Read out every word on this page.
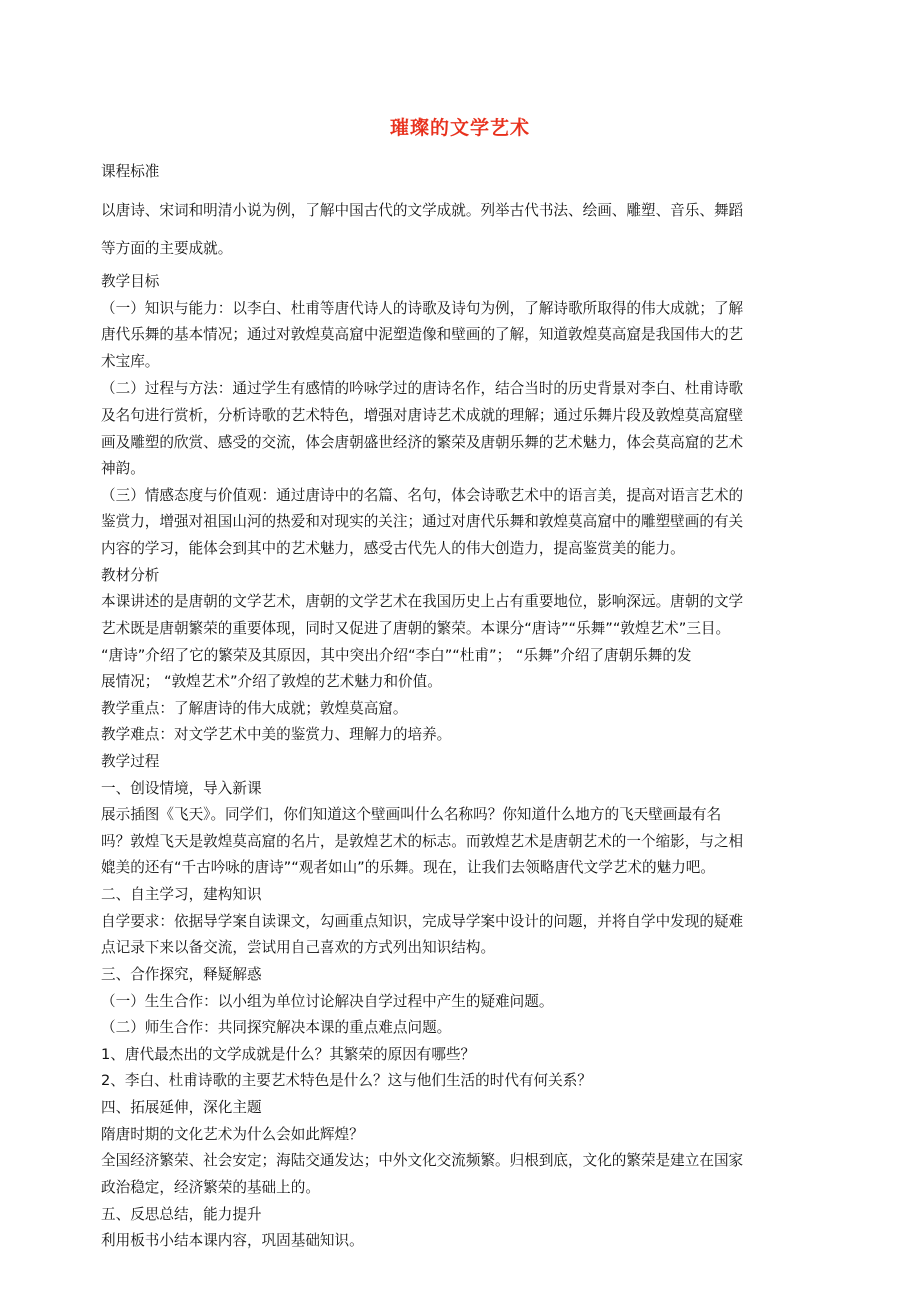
璀璨的文学艺术
课程标准
以唐诗、宋词和明清小说为例，了解中国古代的文学成就。列举古代书法、绘画、雕塑、音乐、舞蹈
等方面的主要成就。
教学目标
（一）知识与能力：以李白、杜甫等唐代诗人的诗歌及诗句为例，了解诗歌所取得的伟大成就；了解
唐代乐舞的基本情况；通过对敦煌莫高窟中泥塑造像和壁画的了解，知道敦煌莫高窟是我国伟大的艺
术宝库。
（二）过程与方法：通过学生有感情的吟咏学过的唐诗名作，结合当时的历史背景对李白、杜甫诗歌
及名句进行赏析，分析诗歌的艺术特色，增强对唐诗艺术成就的理解；通过乐舞片段及敦煌莫高窟壁
画及雕塑的欣赏、感受的交流，体会唐朝盛世经济的繁荣及唐朝乐舞的艺术魅力，体会莫高窟的艺术
神韵。
（三）情感态度与价值观：通过唐诗中的名篇、名句，体会诗歌艺术中的语言美，提高对语言艺术的
鉴赏力，增强对祖国山河的热爱和对现实的关注；通过对唐代乐舞和敦煌莫高窟中的雕塑壁画的有关
内容的学习，能体会到其中的艺术魅力，感受古代先人的伟大创造力，提高鉴赏美的能力。
教材分析
本课讲述的是唐朝的文学艺术，唐朝的文学艺术在我国历史上占有重要地位，影响深远。唐朝的文学
艺术既是唐朝繁荣的重要体现，同时又促进了唐朝的繁荣。本课分“唐诗”“乐舞”“敦煌艺术”三目。
“唐诗”介绍了它的繁荣及其原因，其中突出介绍“李白”“杜甫”； “乐舞”介绍了唐朝乐舞的发
展情况； “敦煌艺术”介绍了敦煌的艺术魅力和价值。
教学重点：了解唐诗的伟大成就；敦煌莫高窟。
教学难点：对文学艺术中美的鉴赏力、理解力的培养。
教学过程
一、创设情境，导入新课
展示插图《飞天》。同学们，你们知道这个壁画叫什么名称吗？你知道什么地方的飞天壁画最有名
吗？敦煌飞天是敦煌莫高窟的名片，是敦煌艺术的标志。而敦煌艺术是唐朝艺术的一个缩影，与之相
媲美的还有“千古吟咏的唐诗”“观者如山”的乐舞。现在，让我们去领略唐代文学艺术的魅力吧。
二、自主学习，建构知识
自学要求：依据导学案自读课文，勾画重点知识，完成导学案中设计的问题，并将自学中发现的疑难
点记录下来以备交流，尝试用自己喜欢的方式列出知识结构。
三、合作探究，释疑解惑
（一）生生合作：以小组为单位讨论解决自学过程中产生的疑难问题。
（二）师生合作：共同探究解决本课的重点难点问题。
1、唐代最杰出的文学成就是什么？其繁荣的原因有哪些？
2、李白、杜甫诗歌的主要艺术特色是什么？这与他们生活的时代有何关系？
四、拓展延伸，深化主题
隋唐时期的文化艺术为什么会如此辉煌？
全国经济繁荣、社会安定；海陆交通发达；中外文化交流频繁。归根到底，文化的繁荣是建立在国家
政治稳定，经济繁荣的基础上的。
五、反思总结，能力提升
利用板书小结本课内容，巩固基础知识。
